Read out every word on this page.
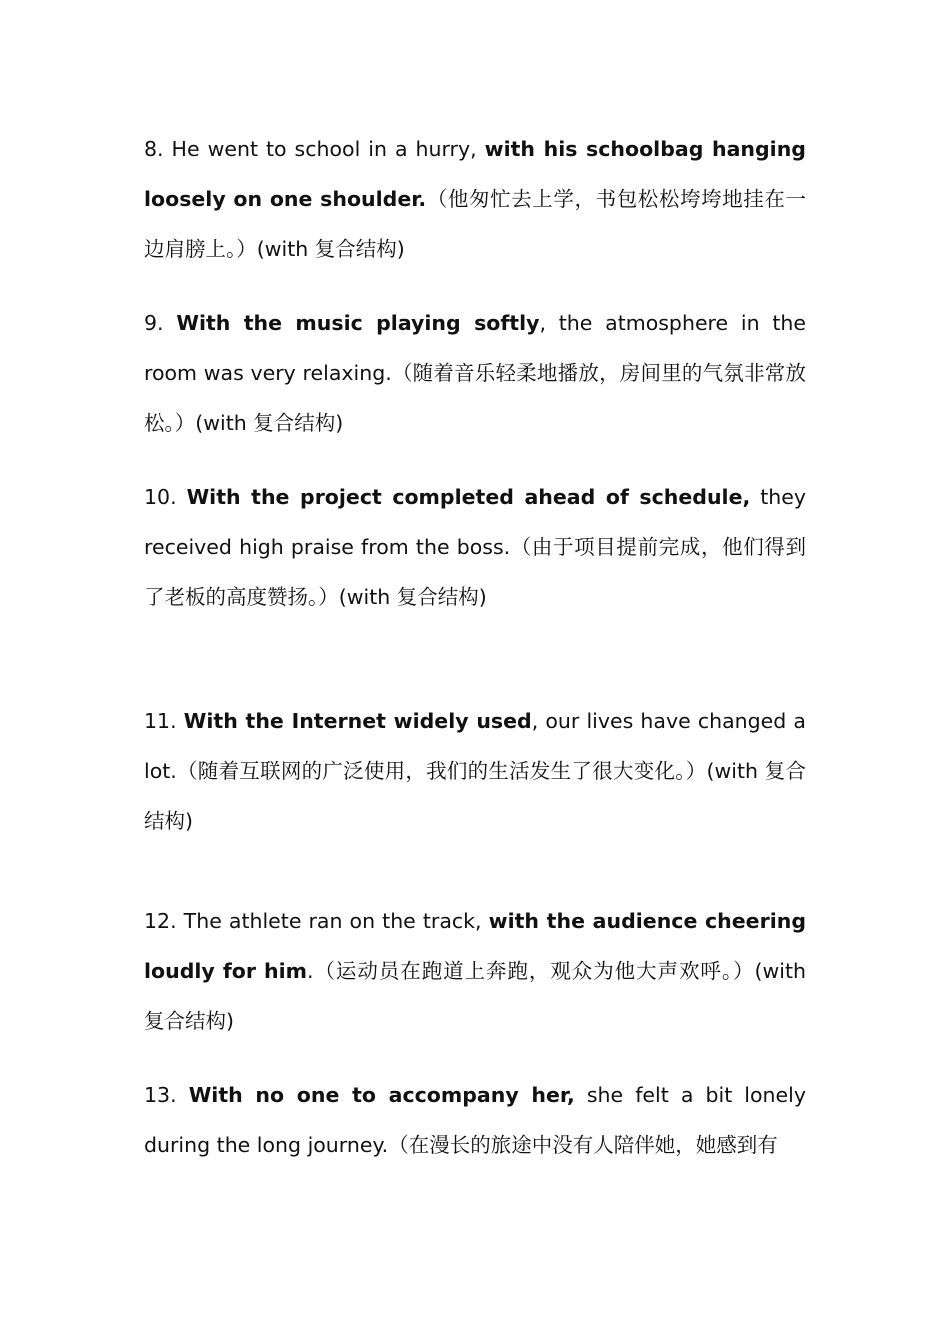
8. He went to school in a hurry, with his schoolbag hanging loosely on one shoulder.（他匆忙去上学，书包松松垮垮地挂在一边肩膀上。）(with 复合结构)

9. With the music playing softly, the atmosphere in the room was very relaxing.（随着音乐轻柔地播放，房间里的气氛非常放松。）(with 复合结构)

10. With the project completed ahead of schedule, they received high praise from the boss.（由于项目提前完成，他们得到了老板的高度赞扬。）(with 复合结构)

11. With the Internet widely used, our lives have changed a lot.（随着互联网的广泛使用，我们的生活发生了很大变化。）(with 复合结构)

12. The athlete ran on the track, with the audience cheering loudly for him.（运动员在跑道上奔跑，观众为他大声欢呼。）(with 复合结构)

13. With no one to accompany her, she felt a bit lonely during the long journey.（在漫长的旅途中没有人陪伴她，她感到有
